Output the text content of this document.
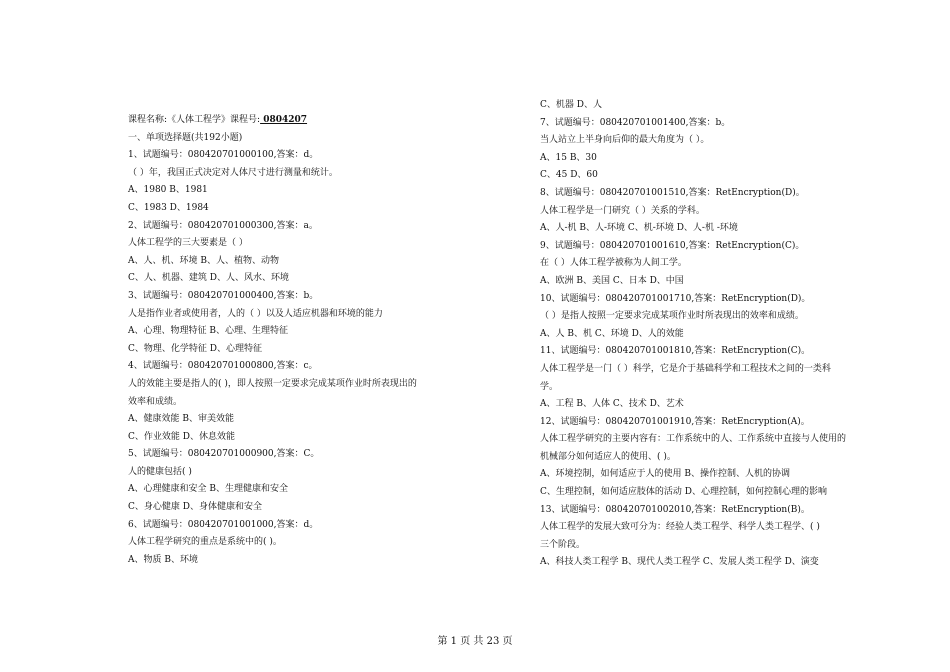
课程名称:《人体工程学》课程号: 0804207
一、单项选择题(共192小题)
1、试题编号：080420701000100,答案：d。
（ ）年，我国正式决定对人体尺寸进行测量和统计。
A、1980 B、1981
C、1983 D、1984
2、试题编号：080420701000300,答案：a。
人体工程学的三大要素是（ ）
A、人、机、环境 B、人、植物、动物
C、人、机器、建筑 D、人、风水、环境
3、试题编号：080420701000400,答案：b。
人是指作业者或使用者，人的（ ）以及人适应机器和环境的能力
A、心理、物理特征 B、心理、生理特征
C、物理、化学特征 D、心理特征
4、试题编号：080420701000800,答案：c。
人的效能主要是指人的( )，即人按照一定要求完成某项作业时所表现出的
效率和成绩。
A、健康效能 B、审美效能
C、作业效能 D、休息效能
5、试题编号：080420701000900,答案：C。
人的健康包括( )
A、心理健康和安全 B、生理健康和安全
C、身心健康 D、身体健康和安全
6、试题编号：080420701001000,答案：d。
人体工程学研究的重点是系统中的( )。
A、物质 B、环境
C、机器 D、人
7、试题编号：080420701001400,答案：b。
当人站立上半身向后仰的最大角度为（ ）。
A、15 B、30
C、45 D、60
8、试题编号：080420701001510,答案：RetEncryption(D)。
人体工程学是一门研究（ ）关系的学科。
A、人-机 B、人-环境 C、机-环境 D、人-机 -环境
9、试题编号：080420701001610,答案：RetEncryption(C)。
在（ ）人体工程学被称为人间工学。
A、欧洲 B、美国 C、日本 D、中国
10、试题编号：080420701001710,答案：RetEncryption(D)。
（ ）是指人按照一定要求完成某项作业时所表现出的效率和成绩。
A、人 B、机 C、环境 D、人的效能
11、试题编号：080420701001810,答案：RetEncryption(C)。
人体工程学是一门（ ）科学，它是介于基础科学和工程技术之间的一类科
学。
A、工程 B、人体 C、技术 D、艺术
12、试题编号：080420701001910,答案：RetEncryption(A)。
人体工程学研究的主要内容有：工作系统中的人、工作系统中直接与人使用的
机械部分如何适应人的使用、( )。
A、环境控制，如何适应于人的使用 B、操作控制、人机的协调
C、生理控制，如何适应肢体的活动 D、心理控制，如何控制心理的影响
13、试题编号：080420701002010,答案：RetEncryption(B)。
人体工程学的发展大致可分为：经验人类工程学、科学人类工程学、( )
三个阶段。
A、科技人类工程学 B、现代人类工程学 C、发展人类工程学 D、演变
第 1 页 共 23 页
